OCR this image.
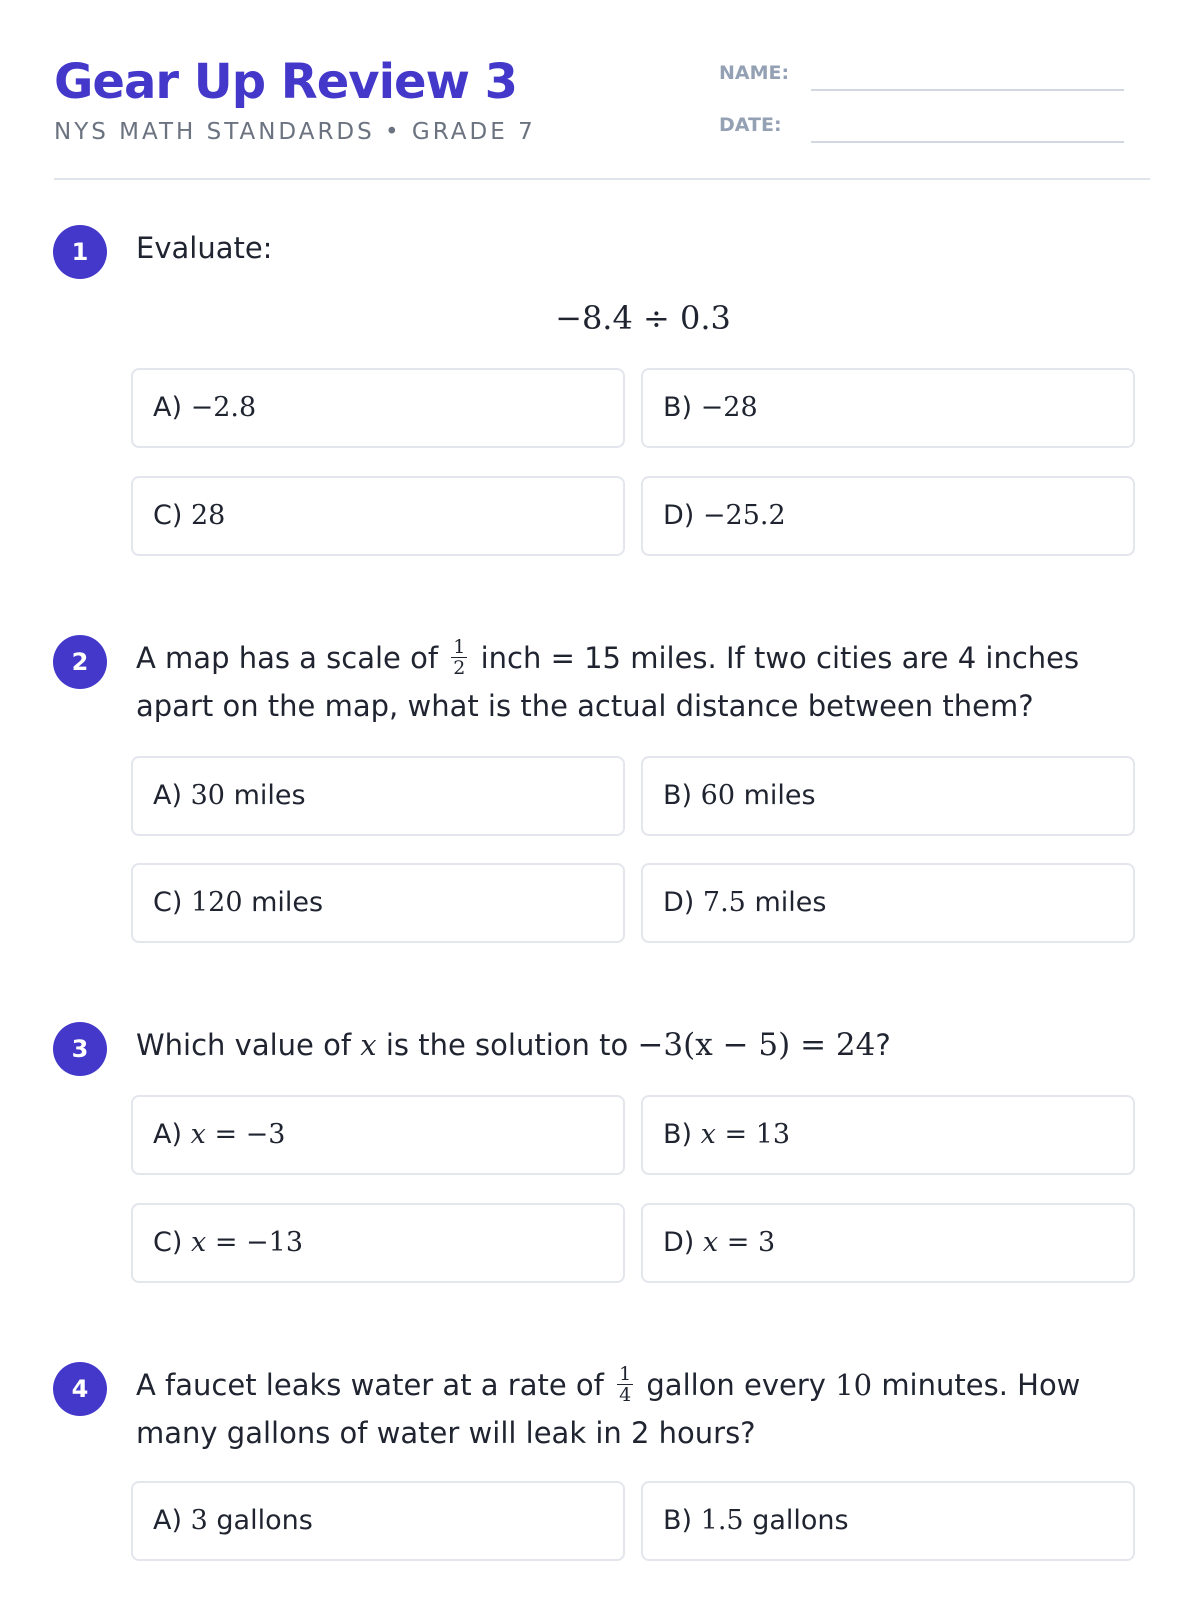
Gear Up Review 3
NYS MATH STANDARDS • GRADE 7
NAME:
DATE:
1	Evaluate:
−8.4 ÷ 0.3
A) −2.8	B) −28
C) 28	D) −25.2
2	A map has a scale of $\frac{1}{2}$ inch = 15 miles. If two cities are 4 inches apart on the map, what is the actual distance between them?
A) 30 miles	B) 60 miles
C) 120 miles	D) 7.5 miles
3	Which value of x is the solution to −3(x − 5) = 24?
A) x = −3	B) x = 13
C) x = −13	D) x = 3
4	A faucet leaks water at a rate of $\frac{1}{4}$ gallon every 10 minutes. How many gallons of water will leak in 2 hours?
A) 3 gallons	B) 1.5 gallons
